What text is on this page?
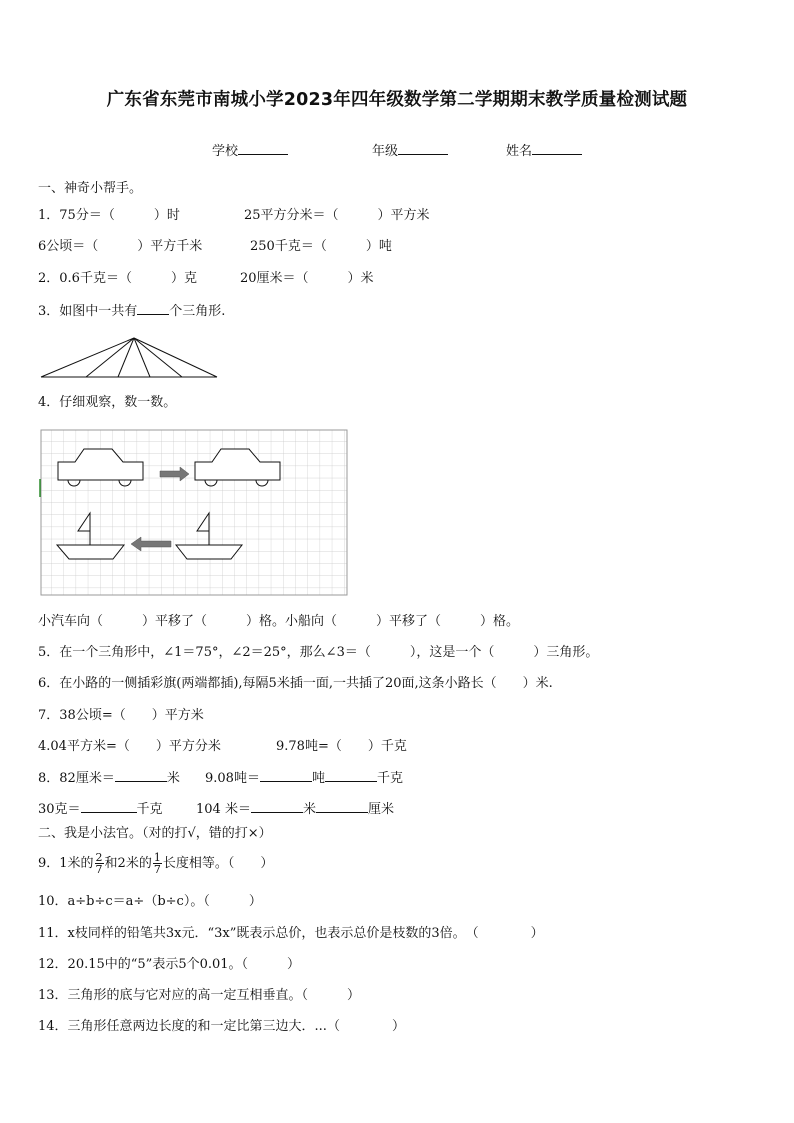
广东省东莞市南城小学2023年四年级数学第二学期期末教学质量检测试题
学校	年级	姓名
一、神奇小帮手。
1．75分＝（　　　）时	25平方分米＝（　　　）平方米
6公顷＝（　　　）平方千米	250千克＝（　　　）吨
2．0.6千克＝（　　　）克	20厘米＝（　　　）米
3．如图中一共有 个三角形.
4．仔细观察，数一数。
小汽车向（　　　）平移了（　　　）格。小船向（　　　）平移了（　　　）格。
5．在一个三角形中，∠1＝75°，∠2＝25°，那么∠3＝（　　　），这是一个（　　　）三角形。
6．在小路的一侧插彩旗(两端都插),每隔5米插一面,一共插了20面,这条小路长（　　）米.
7．38公顷=（　　）平方米
4.04平方米=（　　）平方分米	9.78吨=（　　）千克
8．82厘米＝	米 9.08吨＝	吨	千克
30克＝	千克	104 米＝	米	厘米
二、我是小法官。（对的打√，错的打×）
9．1米的 $\frac{2}{7}$ 和2米的 $\frac{1}{7}$ 长度相等。（　　）
10．a÷b÷c＝a÷（b÷c）。（　　　）
11．x枝同样的铅笔共3x元．“3x”既表示总价，也表示总价是枝数的3倍。　（　　　　）
12．20.15中的“5”表示5个0.01。（　　　）
13．三角形的底与它对应的高一定互相垂直。（　　　）
14．三角形任意两边长度的和一定比第三边大．...（　　　　）
